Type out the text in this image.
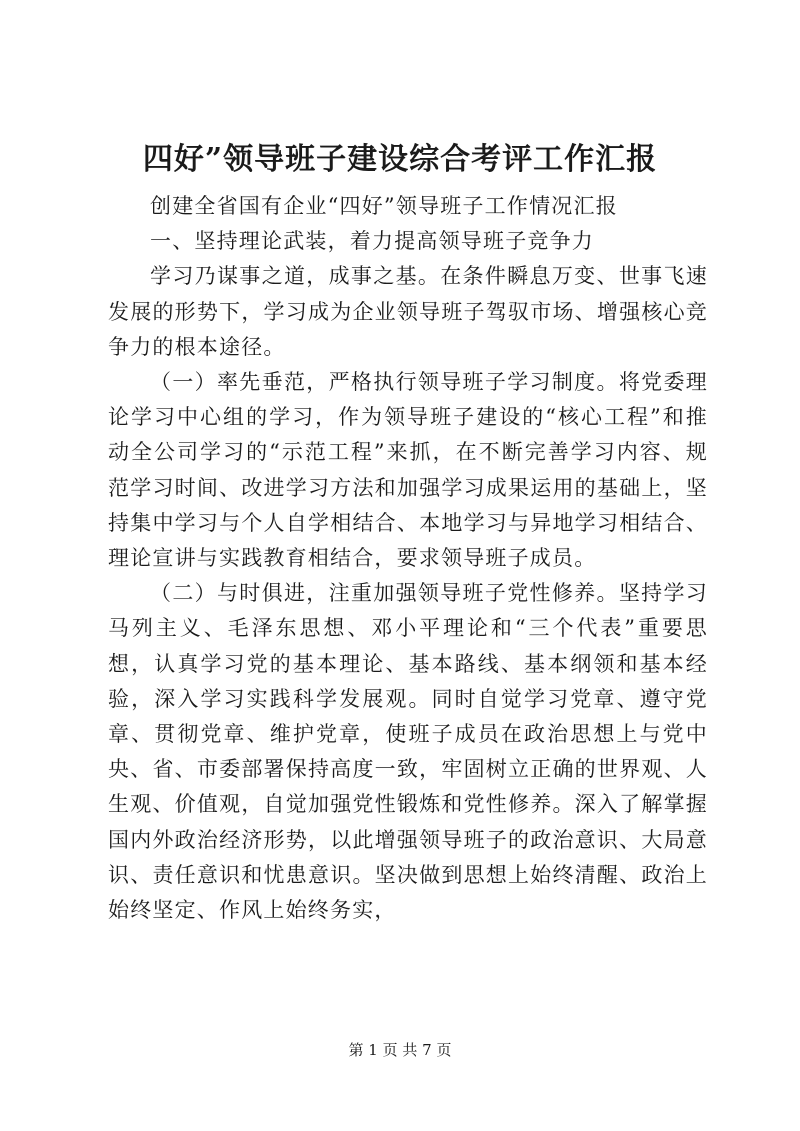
四好”领导班子建设综合考评工作汇报

创建全省国有企业“四好”领导班子工作情况汇报

一、坚持理论武装，着力提高领导班子竞争力

学习乃谋事之道，成事之基。在条件瞬息万变、世事飞速发展的形势下，学习成为企业领导班子驾驭市场、增强核心竞争力的根本途径。

（一）率先垂范，严格执行领导班子学习制度。将党委理论学习中心组的学习，作为领导班子建设的“核心工程”和推动全公司学习的“示范工程”来抓，在不断完善学习内容、规范学习时间、改进学习方法和加强学习成果运用的基础上，坚持集中学习与个人自学相结合、本地学习与异地学习相结合、理论宣讲与实践教育相结合，要求领导班子成员。

（二）与时俱进，注重加强领导班子党性修养。坚持学习马列主义、毛泽东思想、邓小平理论和“三个代表”重要思想，认真学习党的基本理论、基本路线、基本纲领和基本经验，深入学习实践科学发展观。同时自觉学习党章、遵守党章、贯彻党章、维护党章，使班子成员在政治思想上与党中央、省、市委部署保持高度一致，牢固树立正确的世界观、人生观、价值观，自觉加强党性锻炼和党性修养。深入了解掌握国内外政治经济形势，以此增强领导班子的政治意识、大局意识、责任意识和忧患意识。坚决做到思想上始终清醒、政治上始终坚定、作风上始终务实，

第 1 页 共 7 页
